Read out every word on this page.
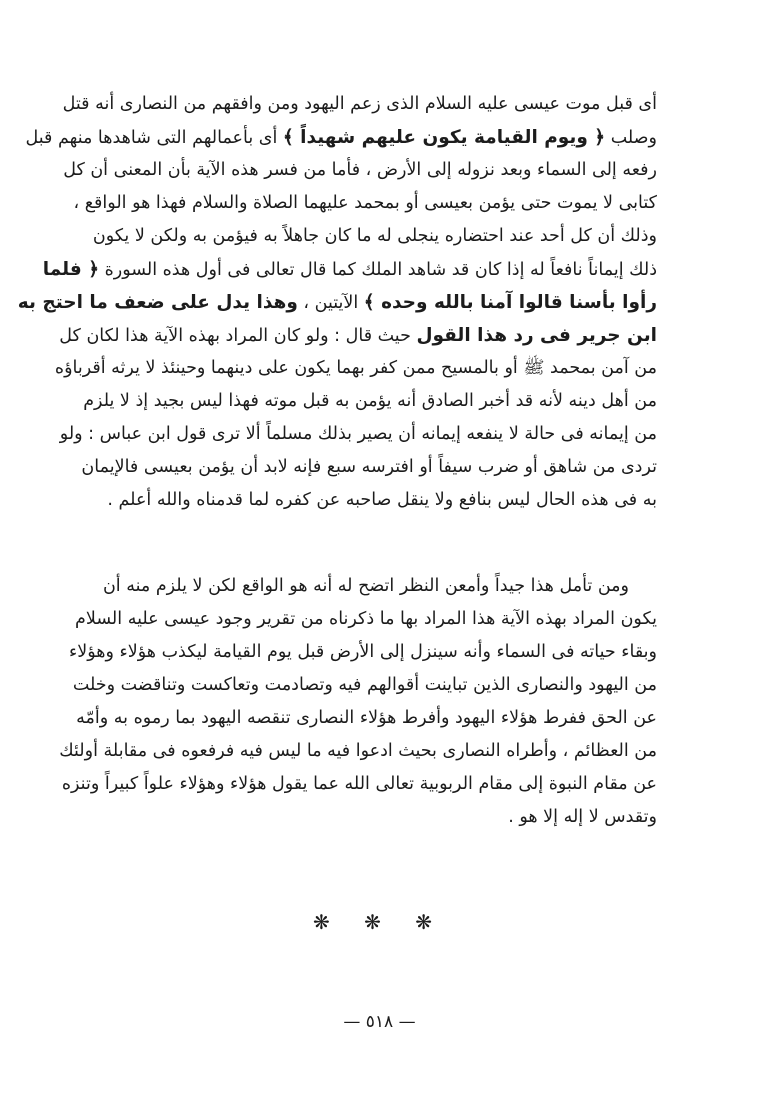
أى قبل موت عيسى عليه السلام الذى زعم اليهود ومن وافقهم من النصارى أنه قتل
وصلب ﴿ ويوم القيامة يكون عليهم شهيداً ﴾ أى بأعمالهم التى شاهدها منهم قبل
رفعه إلى السماء وبعد نزوله إلى الأرض ، فأما من فسر هذه الآية بأن المعنى أن كل
كتابى لا يموت حتى يؤمن بعيسى أو بمحمد عليهما الصلاة والسلام فهذا هو الواقع ،
وذلك أن كل أحد عند احتضاره ينجلى له ما كان جاهلاً به فيؤمن به ولكن لا يكون
ذلك إيماناً نافعاً له إذا كان قد شاهد الملك كما قال تعالى فى أول هذه السورة ﴿ فلما
رأوا بأسنا قالوا آمنا بالله وحده ﴾ الآيتين ، وهذا يدل على ضعف ما احتج به
ابن جرير فى رد هذا القول حيث قال : ولو كان المراد بهذه الآية هذا لكان كل
من آمن بمحمد ﷺ أو بالمسيح ممن كفر بهما يكون على دينهما وحينئذ لا يرثه أقرباؤه
من أهل دينه لأنه قد أخبر الصادق أنه يؤمن به قبل موته فهذا ليس بجيد إذ لا يلزم
من إيمانه فى حالة لا ينفعه إيمانه أن يصير بذلك مسلماً ألا ترى قول ابن عباس : ولو
تردى من شاهق أو ضرب سيفاً أو افترسه سبع فإنه لابد أن يؤمن بعيسى فالإيمان
به فى هذه الحال ليس بنافع ولا ينقل صاحبه عن كفره لما قدمناه والله أعلم .
ومن تأمل هذا جيداً وأمعن النظر اتضح له أنه هو الواقع لكن لا يلزم منه أن
يكون المراد بهذه الآية هذا المراد بها ما ذكرناه من تقرير وجود عيسى عليه السلام
وبقاء حياته فى السماء وأنه سينزل إلى الأرض قبل يوم القيامة ليكذب هؤلاء وهؤلاء
من اليهود والنصارى الذين تباينت أقوالهم فيه وتصادمت وتعاكست وتناقضت وخلت
عن الحق ففرط هؤلاء اليهود وأفرط هؤلاء النصارى تنقصه اليهود بما رموه به وأمّه
من العظائم ، وأطراه النصارى بحيث ادعوا فيه ما ليس فيه فرفعوه فى مقابلة أولئك
عن مقام النبوة إلى مقام الربوبية تعالى الله عما يقول هؤلاء وهؤلاء علواً كبيراً وتنزه
وتقدس لا إله إلا هو .
❋ ❋ ❋
— ٥١٨ —
